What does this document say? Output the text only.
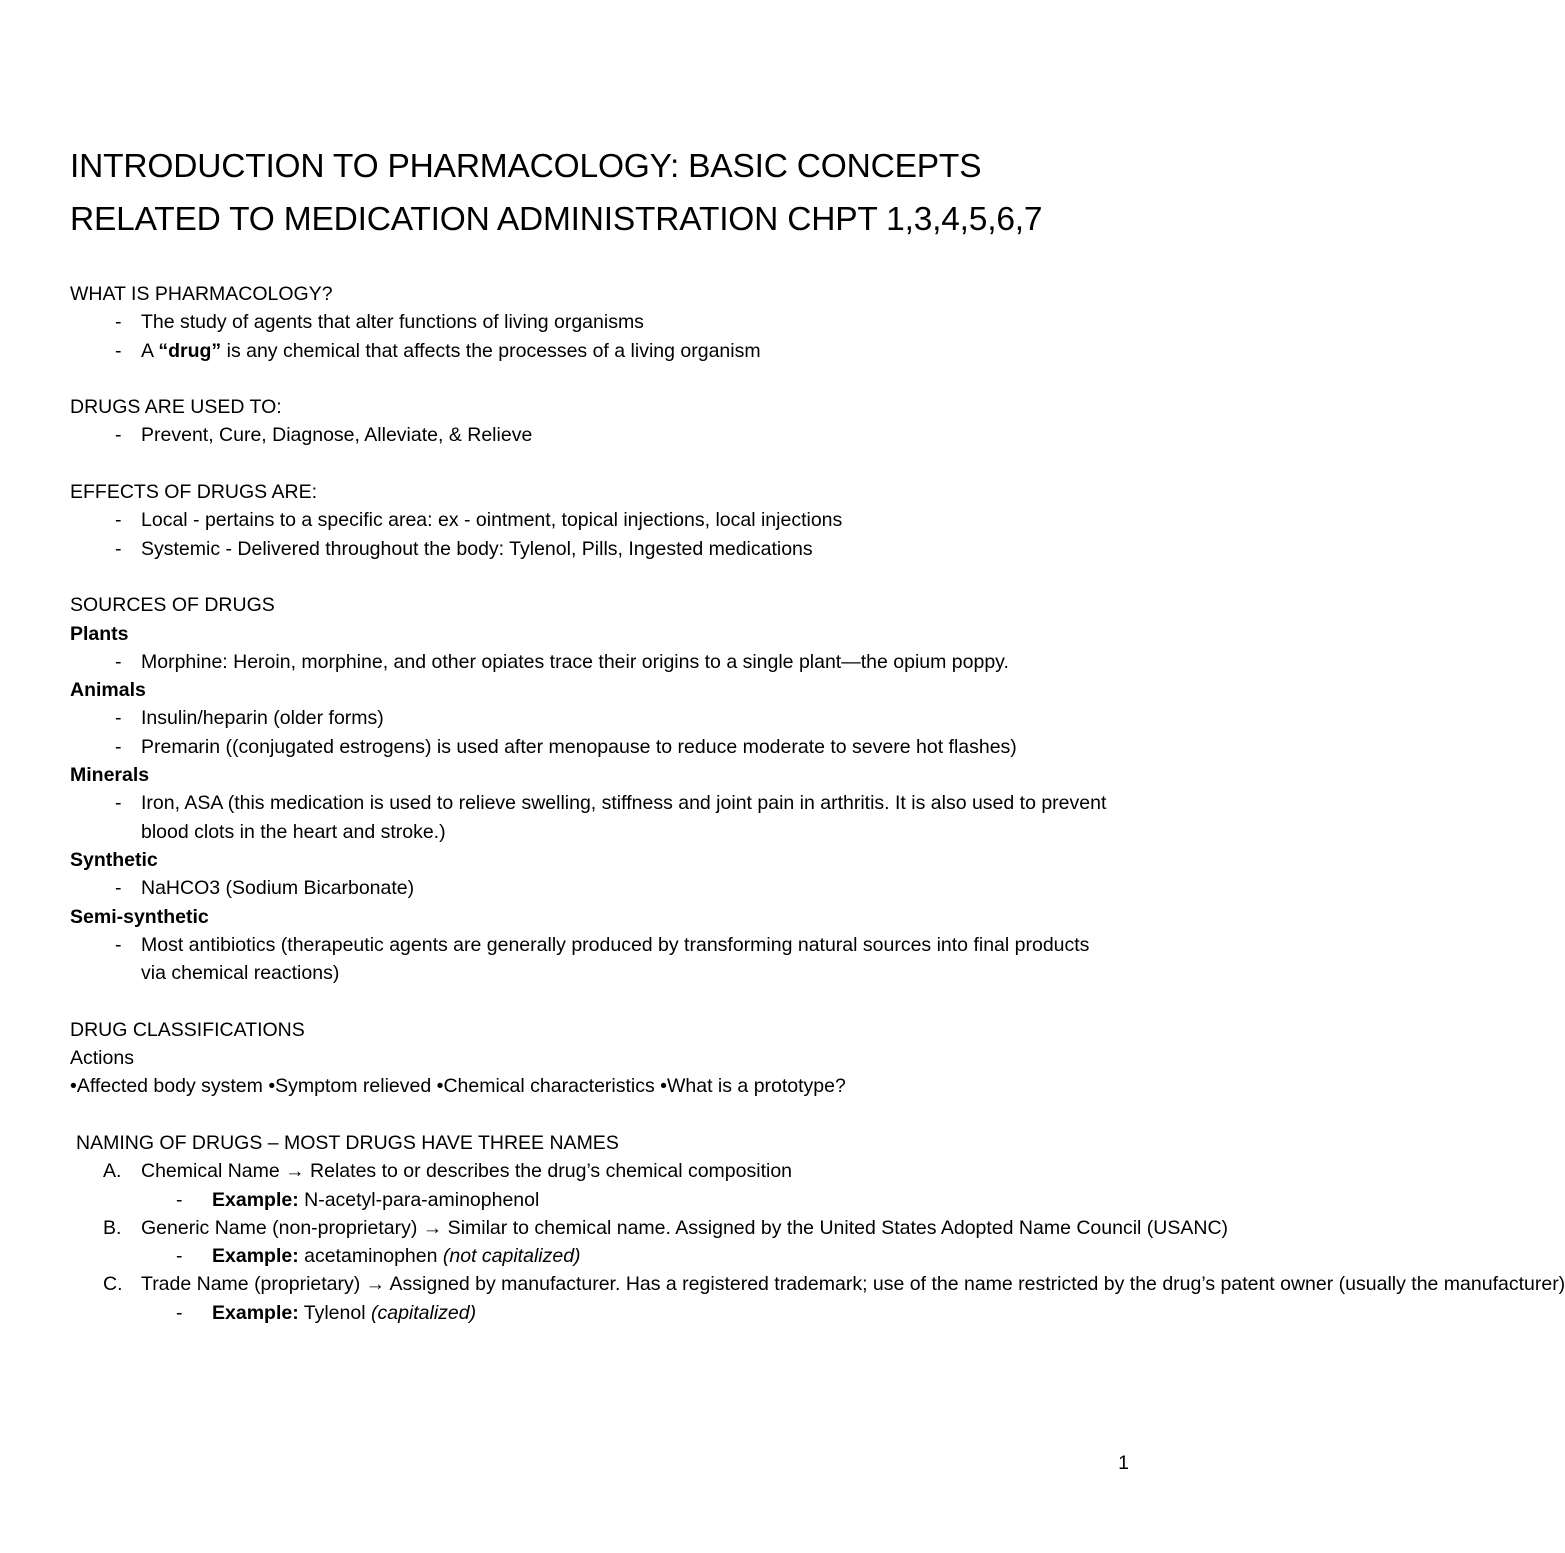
INTRODUCTION TO PHARMACOLOGY: BASIC CONCEPTS
RELATED TO MEDICATION ADMINISTRATION CHPT 1,3,4,5,6,7
WHAT IS PHARMACOLOGY?
-	The study of agents that alter functions of living organisms
-	A “drug” is any chemical that affects the processes of a living organism
DRUGS ARE USED TO:
-	Prevent, Cure, Diagnose, Alleviate, & Relieve
EFFECTS OF DRUGS ARE:
-	Local - pertains to a specific area: ex - ointment, topical injections, local injections
-	Systemic - Delivered throughout the body: Tylenol, Pills, Ingested medications
SOURCES OF DRUGS
Plants
-	Morphine: Heroin, morphine, and other opiates trace their origins to a single plant—the opium poppy.
Animals
-	Insulin/heparin (older forms)
-	Premarin ((conjugated estrogens) is used after menopause to reduce moderate to severe hot flashes)
Minerals
-	Iron, ASA (this medication is used to relieve swelling, stiffness and joint pain in arthritis. It is also used to prevent blood clots in the heart and stroke.)
Synthetic
-	NaHCO3 (Sodium Bicarbonate)
Semi-synthetic
-	Most antibiotics (therapeutic agents are generally produced by transforming natural sources into final products via chemical reactions)
DRUG CLASSIFICATIONS
Actions
•Affected body system •Symptom relieved •Chemical characteristics •What is a prototype?
NAMING OF DRUGS – MOST DRUGS HAVE THREE NAMES
A.	Chemical Name → Relates to or describes the drug’s chemical composition
-	Example: N-acetyl-para-aminophenol
B.	Generic Name (non-proprietary) → Similar to chemical name. Assigned by the United States Adopted Name Council (USANC)
-	Example: acetaminophen (not capitalized)
C. Trade Name (proprietary) → Assigned by manufacturer. Has a registered trademark; use of the name restricted by the drug’s patent owner (usually the manufacturer)
-	Example: Tylenol (capitalized)
1
